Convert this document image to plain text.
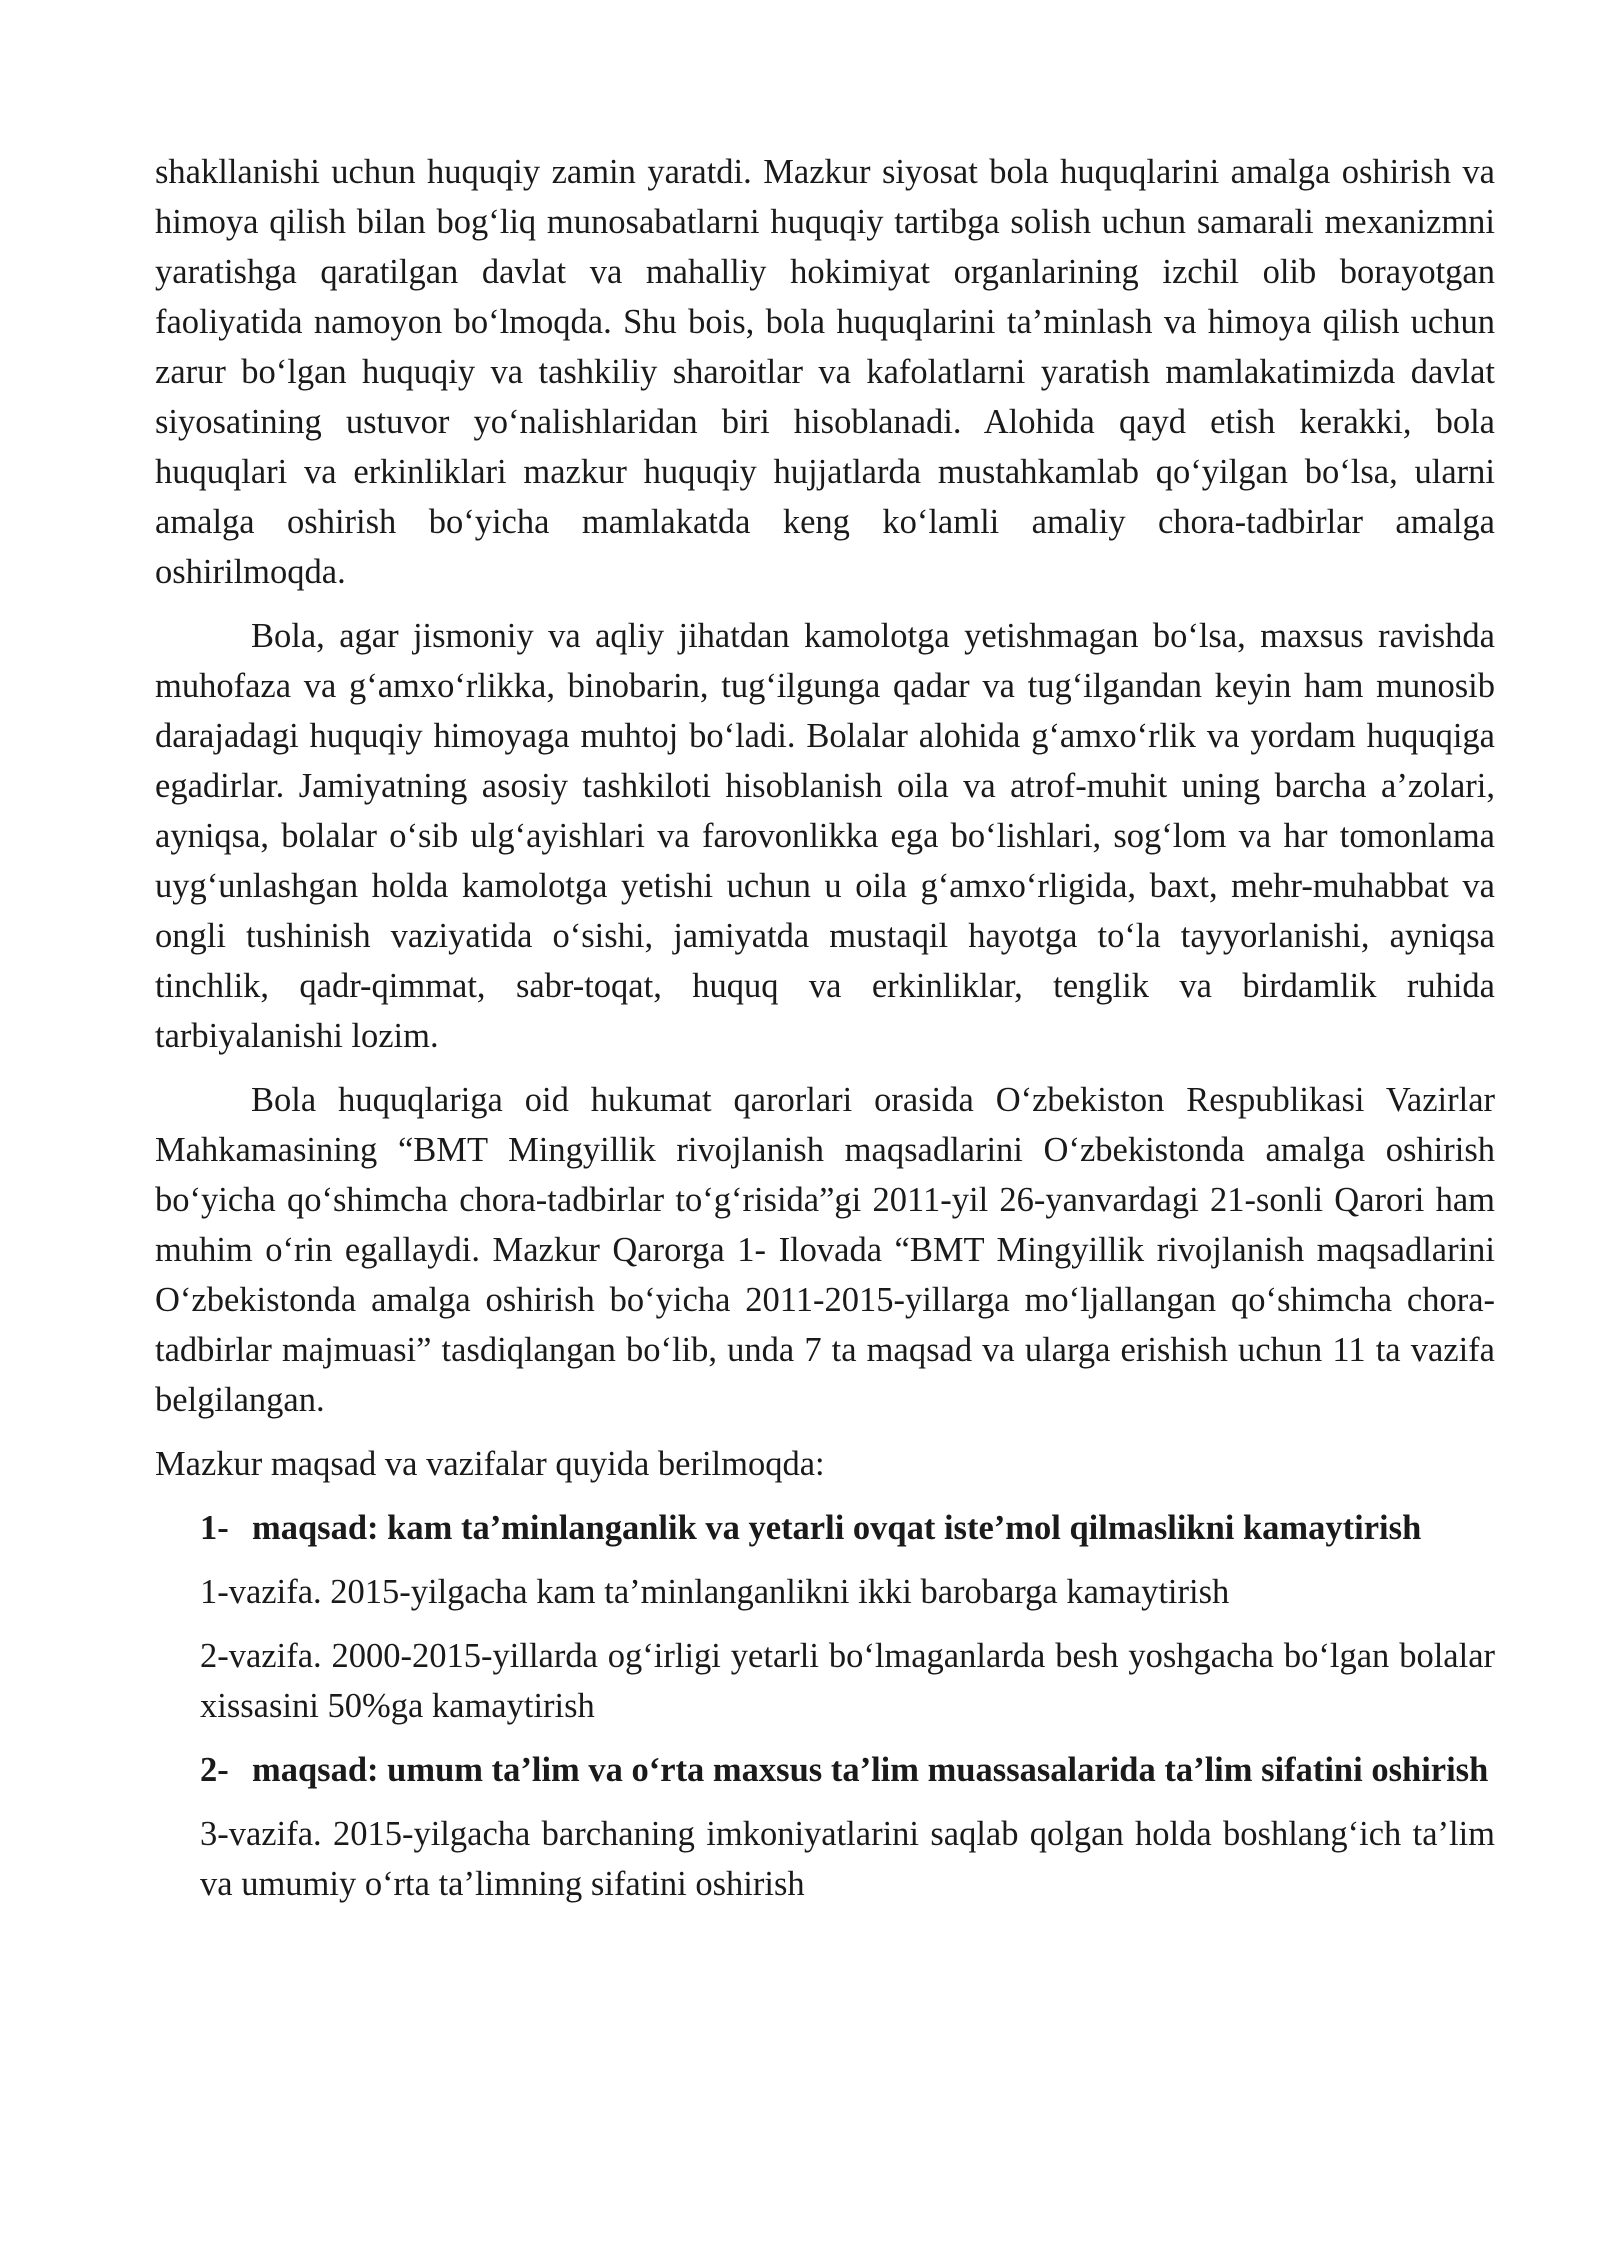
shakllanishi uchun huquqiy zamin yaratdi. Mazkur siyosat bola huquqlarini amalga oshirish va himoya qilish bilan bog‘liq munosabatlarni huquqiy tartibga solish uchun samarali mexanizmni yaratishga qaratilgan davlat va mahalliy hokimiyat organlarining izchil olib borayotgan faoliyatida namoyon bo‘lmoqda. Shu bois, bola huquqlarini ta’minlash va himoya qilish uchun zarur bo‘lgan huquqiy va tashkiliy sharoitlar va kafolatlarni yaratish mamlakatimizda davlat siyosatining ustuvor yo‘nalishlaridan biri hisoblanadi. Alohida qayd etish kerakki, bola huquqlari va erkinliklari mazkur huquqiy hujjatlarda mustahkamlab qo‘yilgan bo‘lsa, ularni amalga oshirish bo‘yicha mamlakatda keng ko‘lamli amaliy chora-tadbirlar amalga oshirilmoqda.

Bola, agar jismoniy va aqliy jihatdan kamolotga yetishmagan bo‘lsa, maxsus ravishda muhofaza va g‘amxo‘rlikka, binobarin, tug‘ilgunga qadar va tug‘ilgandan keyin ham munosib darajadagi huquqiy himoyaga muhtoj bo‘ladi. Bolalar alohida g‘amxo‘rlik va yordam huquqiga egadirlar. Jamiyatning asosiy tashkiloti hisoblanish oila va atrof-muhit uning barcha a’zolari, ayniqsa, bolalar o‘sib ulg‘ayishlari va farovonlikka ega bo‘lishlari, sog‘lom va har tomonlama uyg‘unlashgan holda kamolotga yetishi uchun u oila g‘amxo‘rligida, baxt, mehr-muhabbat va ongli tushinish vaziyatida o‘sishi, jamiyatda mustaqil hayotga to‘la tayyorlanishi, ayniqsa tinchlik, qadr-qimmat, sabr-toqat, huquq va erkinliklar, tenglik va birdamlik ruhida tarbiyalanishi lozim.

Bola huquqlariga oid hukumat qarorlari orasida O‘zbekiston Respublikasi Vazirlar Mahkamasining “BMT Mingyillik rivojlanish maqsadlarini O‘zbekistonda amalga oshirish bo‘yicha qo‘shimcha chora-tadbirlar to‘g‘risida”gi 2011-yil 26-yanvardagi 21-sonli Qarori ham muhim o‘rin egallaydi. Mazkur Qarorga 1- Ilovada “BMT Mingyillik rivojlanish maqsadlarini O‘zbekistonda amalga oshirish bo‘yicha 2011-2015-yillarga mo‘ljallangan qo‘shimcha chora-tadbirlar majmuasi” tasdiqlangan bo‘lib, unda 7 ta maqsad va ularga erishish uchun 11 ta vazifa belgilangan.

Mazkur maqsad va vazifalar quyida berilmoqda:

1- maqsad: kam ta’minlanganlik va yetarli ovqat iste’mol qilmaslikni kamaytirish

1-vazifa. 2015-yilgacha kam ta’minlanganlikni ikki barobarga kamaytirish

2-vazifa. 2000-2015-yillarda og‘irligi yetarli bo‘lmaganlarda besh yoshgacha bo‘lgan bolalar xissasini 50%ga kamaytirish

2- maqsad: umum ta’lim va o‘rta maxsus ta’lim muassasalarida ta’lim sifatini oshirish

3-vazifa. 2015-yilgacha barchaning imkoniyatlarini saqlab qolgan holda boshlang‘ich ta’lim va umumiy o‘rta ta’limning sifatini oshirish
